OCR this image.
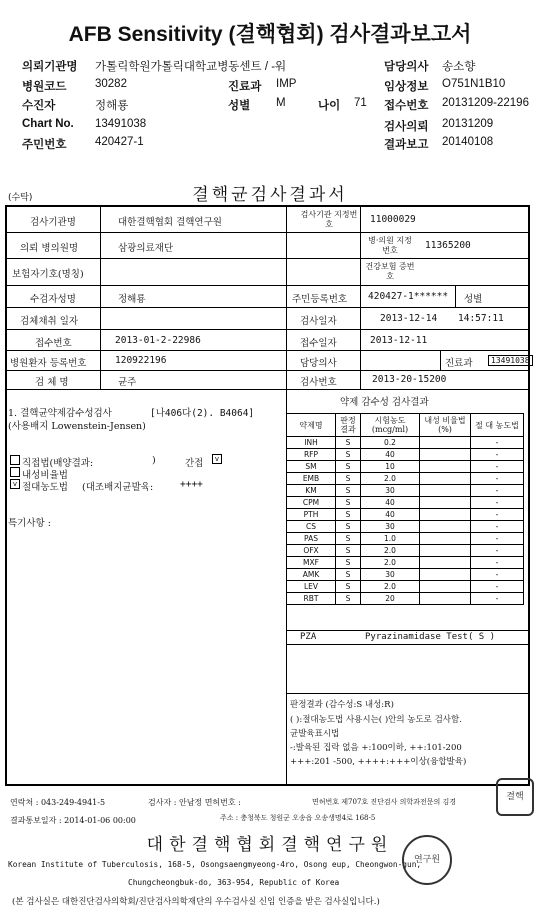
AFB Sensitivity (결핵협회) 검사결과보고서
의뢰기관명 가톨릭학원가톨릭대학교병동센트 / -워
병원코드 30282	진료과 IMP
수진자	정해룡	성별 M	나이 71
Chart No. 13491038
주민번호 420427-1
담당의사 송소향
임상정보 O751N1B10
접수번호 20131209-22196
검사의뢰 20131209
결과보고 20140108
(수탁)	결핵균검사결과서
검사기관명	대한결핵협회 결핵연구원
검사기관 지정번호	11000029
의뢰 병의원명	삼광의료재단
병·의원 지정번호	11365200
보험자기호(명칭)
건강보험 증번호
수검자성명	정해룡	주민등록번호 420427-1****** 성별
검체채취 일자	검사일자	2013-12-14 14:57:11
접수번호	2013-01-2-22986	접수일자	2013-12-11
병원환자 등록번호	120922196	담당의사	진료과	13491038
검 체 명	균주	검사번호	2013-20-15200
1. 결핵균약제감수성검사	[나406다(2). B4064]
(사용배지 Lowenstein-Jensen)
직접법(배양결과:	)	간접	v
내성비율법
v 절대농도법 (대조배지균발육:	++++
특기사항 :
약제 감수성 검사결과
약제명	판정 결과	시험농도 (mcg/ml)	내성 비율법(%)	절 대 농도법
INH	S	0.2		-
RFP	S	40		-
SM	S	10		-
EMB	S	2.0		-
KM	S	30		-
CPM	S	40		-
PTH	S	40		-
CS	S	30		-
PAS	S	1.0		-
OFX	S	2.0		-
MXF	S	2.0		-
AMK	S	30		-
LEV	S	2.0		-
RBT	S	20		-
PZA	Pyrazinamidase Test( S )
판정결과 (감수성:S 내성:R)
( ):절대농도법 사용시는( )안의 농도로 검사함.
균발육표시법
-:발육된 집락 없음 +:100이하, ++:101-200
+++:201 -500, ++++:+++이상(융합발육)
연락처 : 043-249-4941-5	검사자 : 안남정 면허번호 :	면허번호 제707호 진단검사 의학과전문의 김경
결과통보일자 : 2014-01-06 00:00	주소 : 충청북도 청원군 오송읍 오송생명4로 168-5
대한결핵협회결핵연구원
Korean Institute of Tuberculosis, 168-5, Osongsaengmyeong-4ro, Osong eup, Cheongwon-gun,
Chungcheongbuk-do, 363-954, Republic of Korea
(본 검사실은 대한진단검사의학회/진단검사의학재단의 우수검사실 신임 인증을 받은 검사실입니다.)
결핵
연구원
